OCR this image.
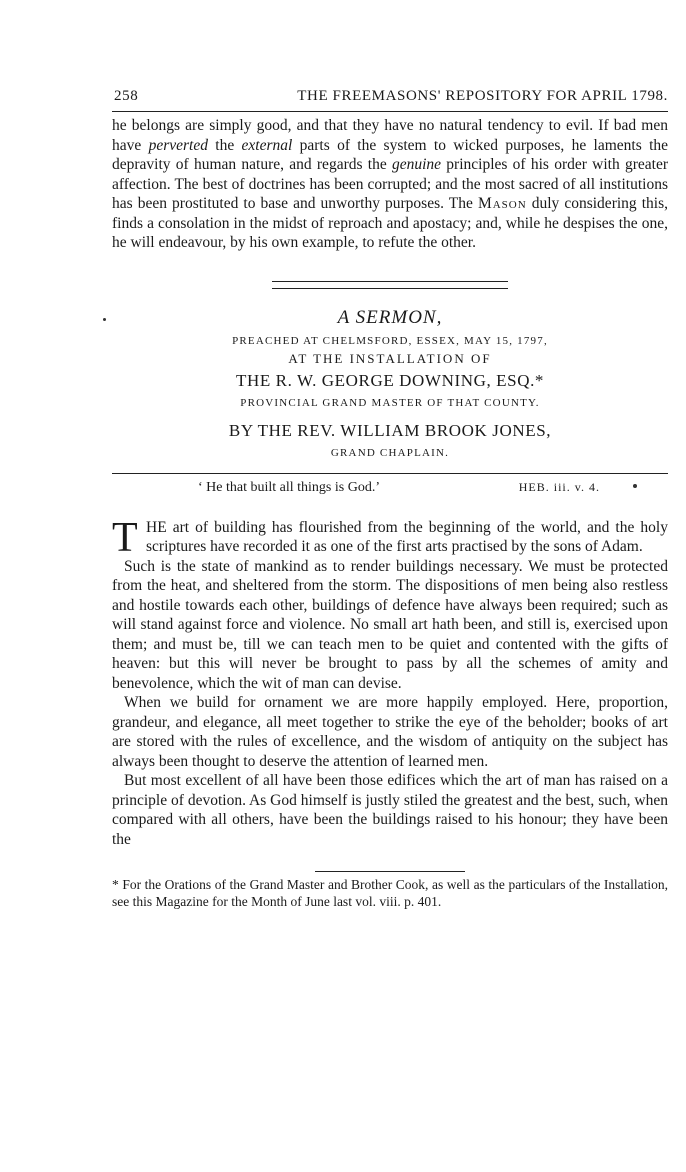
258	THE FREEMASONS' REPOSITORY FOR APRIL 1798.

he belongs are simply good, and that they have no natural tendency to evil. If bad men have perverted the external parts of the system to wicked purposes, he laments the depravity of human nature, and regards the genuine principles of his order with greater affection. The best of doctrines has been corrupted; and the most sacred of all institutions has been prostituted to base and unworthy purposes. The Mason duly considering this, finds a consolation in the midst of reproach and apostacy; and, while he despises the one, he will endeavour, by his own example, to refute the other.

A SERMON,
PREACHED AT CHELMSFORD, ESSEX, MAY 15, 1797,
AT THE INSTALLATION OF
THE R. W. GEORGE DOWNING, ESQ.*
PROVINCIAL GRAND MASTER OF THAT COUNTY.
BY THE REV. WILLIAM BROOK JONES,
GRAND CHAPLAIN.
‘ He that built all things is God.’	HEB. iii. v. 4.
T HE art of building has flourished from the beginning of the world, and the holy scriptures have recorded it as one of the first arts practised by the sons of Adam.

Such is the state of mankind as to render buildings necessary. We must be protected from the heat, and sheltered from the storm. The dispositions of men being also restless and hostile towards each other, buildings of defence have always been required; such as will stand against force and violence. No small art hath been, and still is, exercised upon them; and must be, till we can teach men to be quiet and contented with the gifts of heaven: but this will never be brought to pass by all the schemes of amity and benevolence, which the wit of man can devise.

When we build for ornament we are more happily employed. Here, proportion, grandeur, and elegance, all meet together to strike the eye of the beholder; books of art are stored with the rules of excellence, and the wisdom of antiquity on the subject has always been thought to deserve the attention of learned men.

But most excellent of all have been those edifices which the art of man has raised on a principle of devotion. As God himself is justly stiled the greatest and the best, such, when compared with all others, have been the buildings raised to his honour; they have been the

* For the Orations of the Grand Master and Brother Cook, as well as the particulars of the Installation, see this Magazine for the Month of June last vol. viii. p. 401.
